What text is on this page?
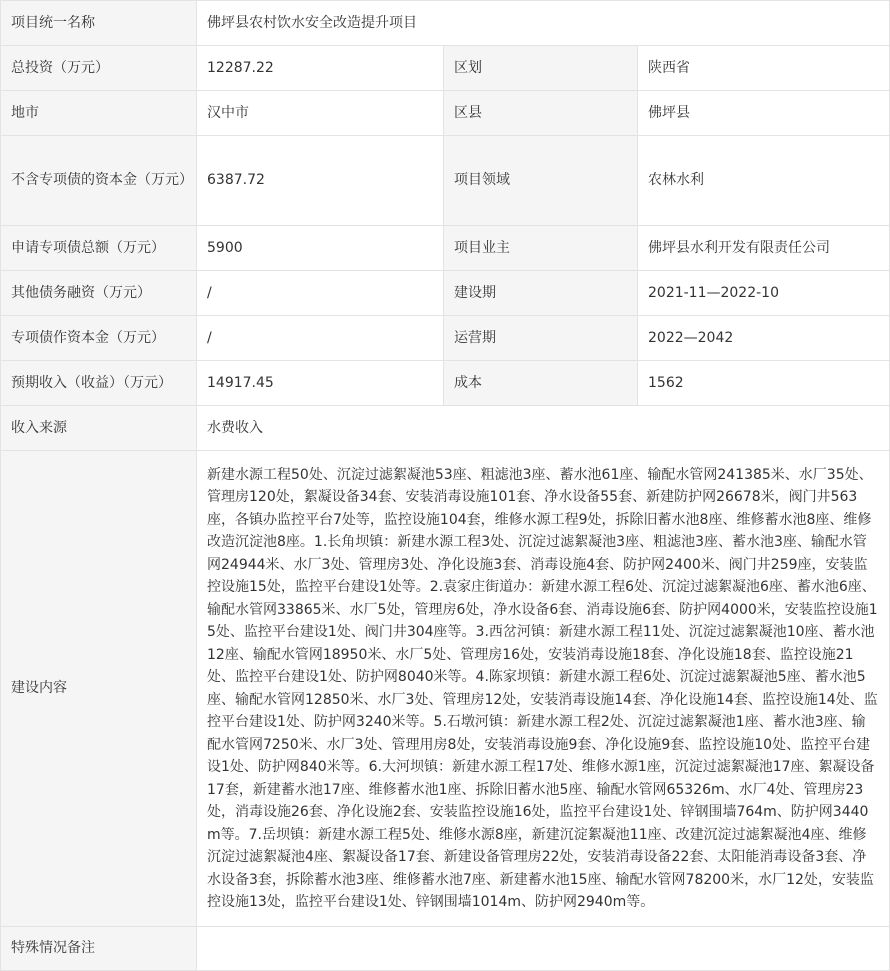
项目统一名称	佛坪县农村饮水安全改造提升项目		
总投资（万元）	12287.22	区划	陕西省
地市	汉中市	区县	佛坪县
不含专项债的资本金（万元）	6387.72	项目领域	农林水利
申请专项债总额（万元）	5900	项目业主	佛坪县水利开发有限责任公司
其他债务融资（万元）	/	建设期	2021-11—2022-10
专项债作资本金（万元）	/	运营期	2022—2042
预期收入（收益）（万元）	14917.45	成本	1562
收入来源	水费收入		
建设内容	新建水源工程50处、沉淀过滤絮凝池53座、粗滤池3座、蓄水池61座、输配水管网241385米、水厂35处、管理房120处，絮凝设备34套、安装消毒设施101套、净水设备55套、新建防护网26678米，阀门井563座，各镇办监控平台7处等，监控设施104套，维修水源工程9处，拆除旧蓄水池8座、维修蓄水池8座、维修改造沉淀池8座。1.长角坝镇：新建水源工程3处、沉淀过滤絮凝池3座、粗滤池3座、蓄水池3座、输配水管网24944米、水厂3处、管理房3处、净化设施3套、消毒设施4套、防护网2400米、阀门井259座，安装监控设施15处，监控平台建设1处等。2.袁家庄街道办：新建水源工程6处、沉淀过滤絮凝池6座、蓄水池6座、输配水管网33865米、水厂5处，管理房6处，净水设备6套、消毒设施6套、防护网4000米，安装监控设施15处、监控平台建设1处、阀门井304座等。3.西岔河镇：新建水源工程11处、沉淀过滤絮凝池10座、蓄水池12座、输配水管网18950米、水厂5处、管理房16处，安装消毒设施18套、净化设施18套、监控设施21处、监控平台建设1处、防护网8040米等。4.陈家坝镇：新建水源工程6处、沉淀过滤絮凝池5座、蓄水池5座、输配水管网12850米、水厂3处、管理房12处，安装消毒设施14套、净化设施14套、监控设施14处、监控平台建设1处、防护网3240米等。5.石墩河镇：新建水源工程2处、沉淀过滤絮凝池1座、蓄水池3座、输配水管网7250米、水厂3处、管理用房8处，安装消毒设施9套、净化设施9套、监控设施10处、监控平台建设1处、防护网840米等。6.大河坝镇：新建水源工程17处、维修水源1座，沉淀过滤絮凝池17座、絮凝设备17套，新建蓄水池17座、维修蓄水池1座、拆除旧蓄水池5座、输配水管网65326m、水厂4处、管理房23处，消毒设施26套、净化设施2套、安装监控设施16处，监控平台建设1处、锌钢围墙764m、防护网3440m等。7.岳坝镇：新建水源工程5处、维修水源8座，新建沉淀絮凝池11座、改建沉淀过滤絮凝池4座、维修沉淀过滤絮凝池4座、絮凝设备17套、新建设备管理房22处，安装消毒设备22套、太阳能消毒设备3套、净水设备3套，拆除蓄水池3座、维修蓄水池7座、新建蓄水池15座、输配水管网78200米，水厂12处，安装监控设施13处，监控平台建设1处、锌钢围墙1014m、防护网2940m等。		
特殊情况备注			
